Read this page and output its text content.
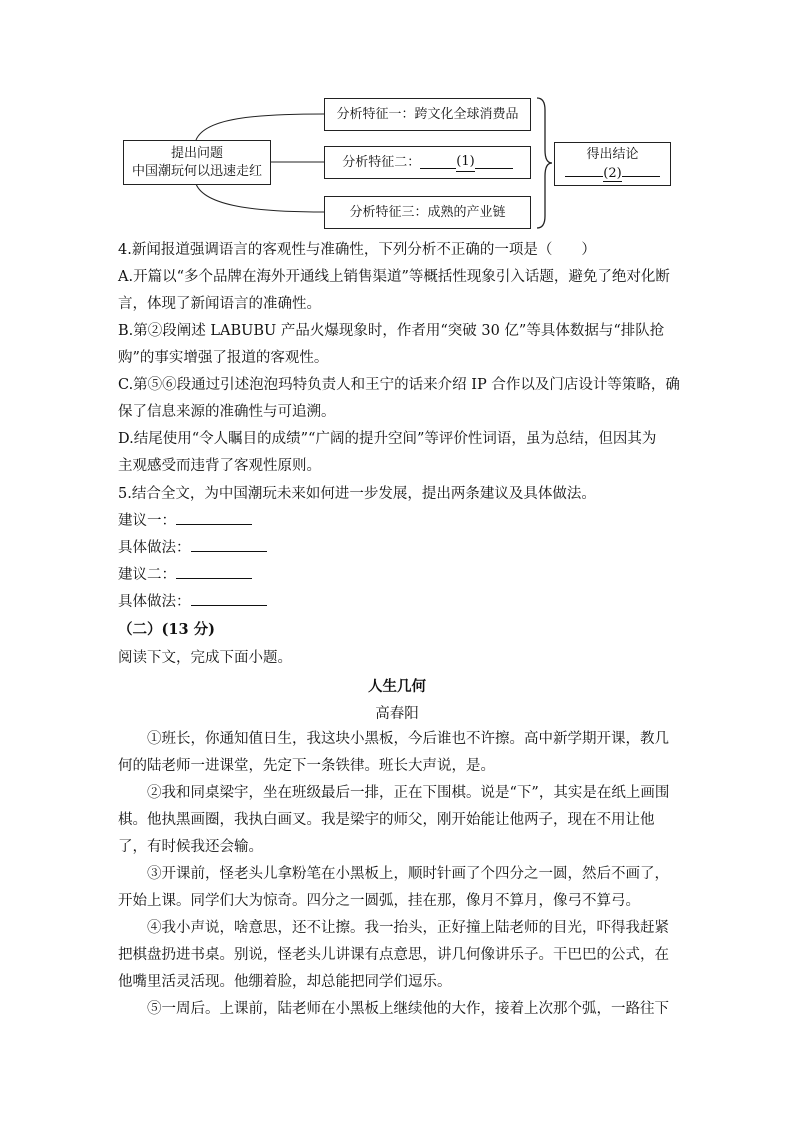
提出问题
中国潮玩何以迅速走红
分析特征一：跨文化全球消费品
分析特征二：	(1)
分析特征三：成熟的产业链
得出结论
(2)
4.新闻报道强调语言的客观性与准确性，下列分析不正确的一项是（　　）
A.开篇以“多个品牌在海外开通线上销售渠道”等概括性现象引入话题，避免了绝对化断
言，体现了新闻语言的准确性。
B.第②段阐述 LABUBU 产品火爆现象时，作者用“突破 30 亿”等具体数据与“排队抢
购”的事实增强了报道的客观性。
C.第⑤⑥段通过引述泡泡玛特负责人和王宁的话来介绍 IP 合作以及门店设计等策略，确
保了信息来源的准确性与可追溯。
D.结尾使用“令人瞩目的成绩”“广阔的提升空间”等评价性词语，虽为总结，但因其为
主观感受而违背了客观性原则。
5.结合全文，为中国潮玩未来如何进一步发展，提出两条建议及具体做法。
建议一：
具体做法：
建议二：
具体做法：
（二）(13 分)
阅读下文，完成下面小题。
人生几何
高春阳
①班长，你通知值日生，我这块小黑板，今后谁也不许擦。高中新学期开课，教几何的陆老师一进课堂，先定下一条铁律。班长大声说，是。
②我和同桌梁宇，坐在班级最后一排，正在下围棋。说是“下”，其实是在纸上画围棋。他执黑画圈，我执白画叉。我是梁宇的师父，刚开始能让他两子，现在不用让他了，有时候我还会输。
③开课前，怪老头儿拿粉笔在小黑板上，顺时针画了个四分之一圆，然后不画了，开始上课。同学们大为惊奇。四分之一圆弧，挂在那，像月不算月，像弓不算弓。
④我小声说，啥意思，还不让擦。我一抬头，正好撞上陆老师的目光，吓得我赶紧把棋盘扔进书桌。别说，怪老头儿讲课有点意思，讲几何像讲乐子。干巴巴的公式，在他嘴里活灵活现。他绷着脸，却总能把同学们逗乐。
⑤一周后。上课前，陆老师在小黑板上继续他的大作，接着上次那个弧，一路往下
